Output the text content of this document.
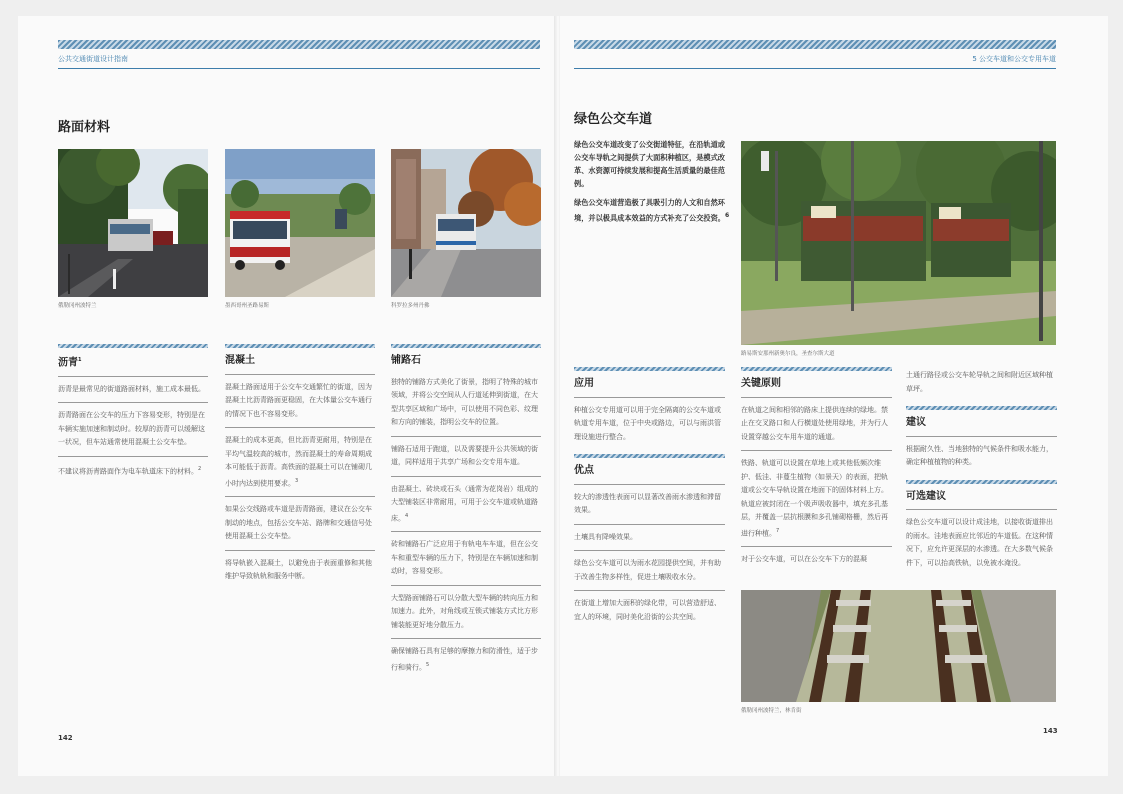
公共交通街道设计指南
路面材料
俄勒冈州波特兰	墨西哥州圣路易斯	科罗拉多州丹佛
沥青$^1$

沥青是最常见的街道路面材料，施工成本最低。

沥青路面在公交车的压力下容易变形，特别是在车辆实施加速和制动时。较厚的沥青可以缓解这一状况，但车站通常使用混凝土公交车垫。

不建议将沥青路面作为电车轨道床下的材料。$^2$

混凝土

混凝土路面适用于公交车交通繁忙的街道，因为混凝土比沥青路面更稳固，在大体量公交车通行的情况下也不容易变形。

混凝土的成本更高，但比沥青更耐用，特别是在平均气温较高的城市，然而混凝土的寿命周期成本可能低于沥青。高铁面的混凝土可以在铺砌几小时内达到使用要求。$^3$

如果公交线路或车道是沥青路面，建议在公交车制动的地点，包括公交车站、路牌和交通信号处使用混凝土公交车垫。

将导轨嵌入混凝土，以避免由于表面重修和其他维护导致轨轨和服务中断。

铺路石

独特的铺路方式美化了街景，指明了特殊的城市领域，并将公交空间从人行道延伸到街道，在大型共享区域和广场中，可以使用不同色彩、纹理和方向的铺装，指明公交车的位置。

铺路石适用于跑道，以及需要提升公共领域的街道，同样适用于共享广场和公交专用车道。

由混凝土、砖块或石头（通常为花岗岩）组成的大型铺装区非常耐用，可用于公交车道或轨道路床。$^4$

砖和铺路石广泛应用于有轨电车车道，但在公交车和重型车辆的压力下，特别是在车辆加速和制动时，容易变形。

大型路面铺路石可以分散大型车辆的转向压力和加速力。此外，对角线或互锁式铺装方式比方形铺装能更好地分散压力。

确保铺路石具有足够的摩擦力和防滑性，适于步行和骑行。$^5$

142
5 公交车道和公交专用车道
绿色公交车道

绿色公交车道改变了公交街道特征，在沿轨道或公交车导轨之间提供了大面积种植区，是模式改革、水资源可持续发展和提高生活质量的最佳范例。

绿色公交车道营造极了具吸引力的人文和自然环境，并以极具成本效益的方式补充了公交投资。$^6$

路易斯安那州新奥尔良，圣查尔斯大道
应用

种植公交专用道可以用于完全隔离的公交车道或轨道专用车道，位于中央或路边，可以与雨洪管理设施进行整合。

优点

较大的渗透性表面可以显著改善雨水渗透和滞留效果。

土壤具有降噪效果。

绿色公交车道可以为雨水花园提供空间，并有助于改善生物多样性，促进土壤吸收水分。

在街道上增加大面积的绿化带，可以营造舒适、宜人的环境，同时美化沿街的公共空间。

关键原则

在轨道之间和相邻的路床上提供连续的绿地。禁止在交叉路口和人行横道处使用绿地，并为行人设置穿越公交车用车道的通道。

铁路、轨道可以设置在草地上或其他低频次维护、低洼、非蔓生植物（如景天）的表面，把轨道或公交车导轨设置在地面下的固体材料上方。轨道应被封闭在一个吸声吸收器中，填充多孔基层，并覆盖一层抗根膜和多孔铺砌格栅，然后再进行种植。$^7$

对于公交车道，可以在公交车下方的混凝

土通行路径或公交车轮导轨之间和附近区域种植草坪。

建议

根据耐久性、当地独特的气候条件和吸水能力，确定种植植物的种类。

可选建议

绿色公交车道可以设计成洼地，以接收街道排出的雨水。洼地表面应比邻近的车道低。在这种情况下，应允许更深层的水渗透。在大多数气候条件下，可以抬高铁轨，以免被水淹没。

俄勒冈州波特兰，林肯街
143
